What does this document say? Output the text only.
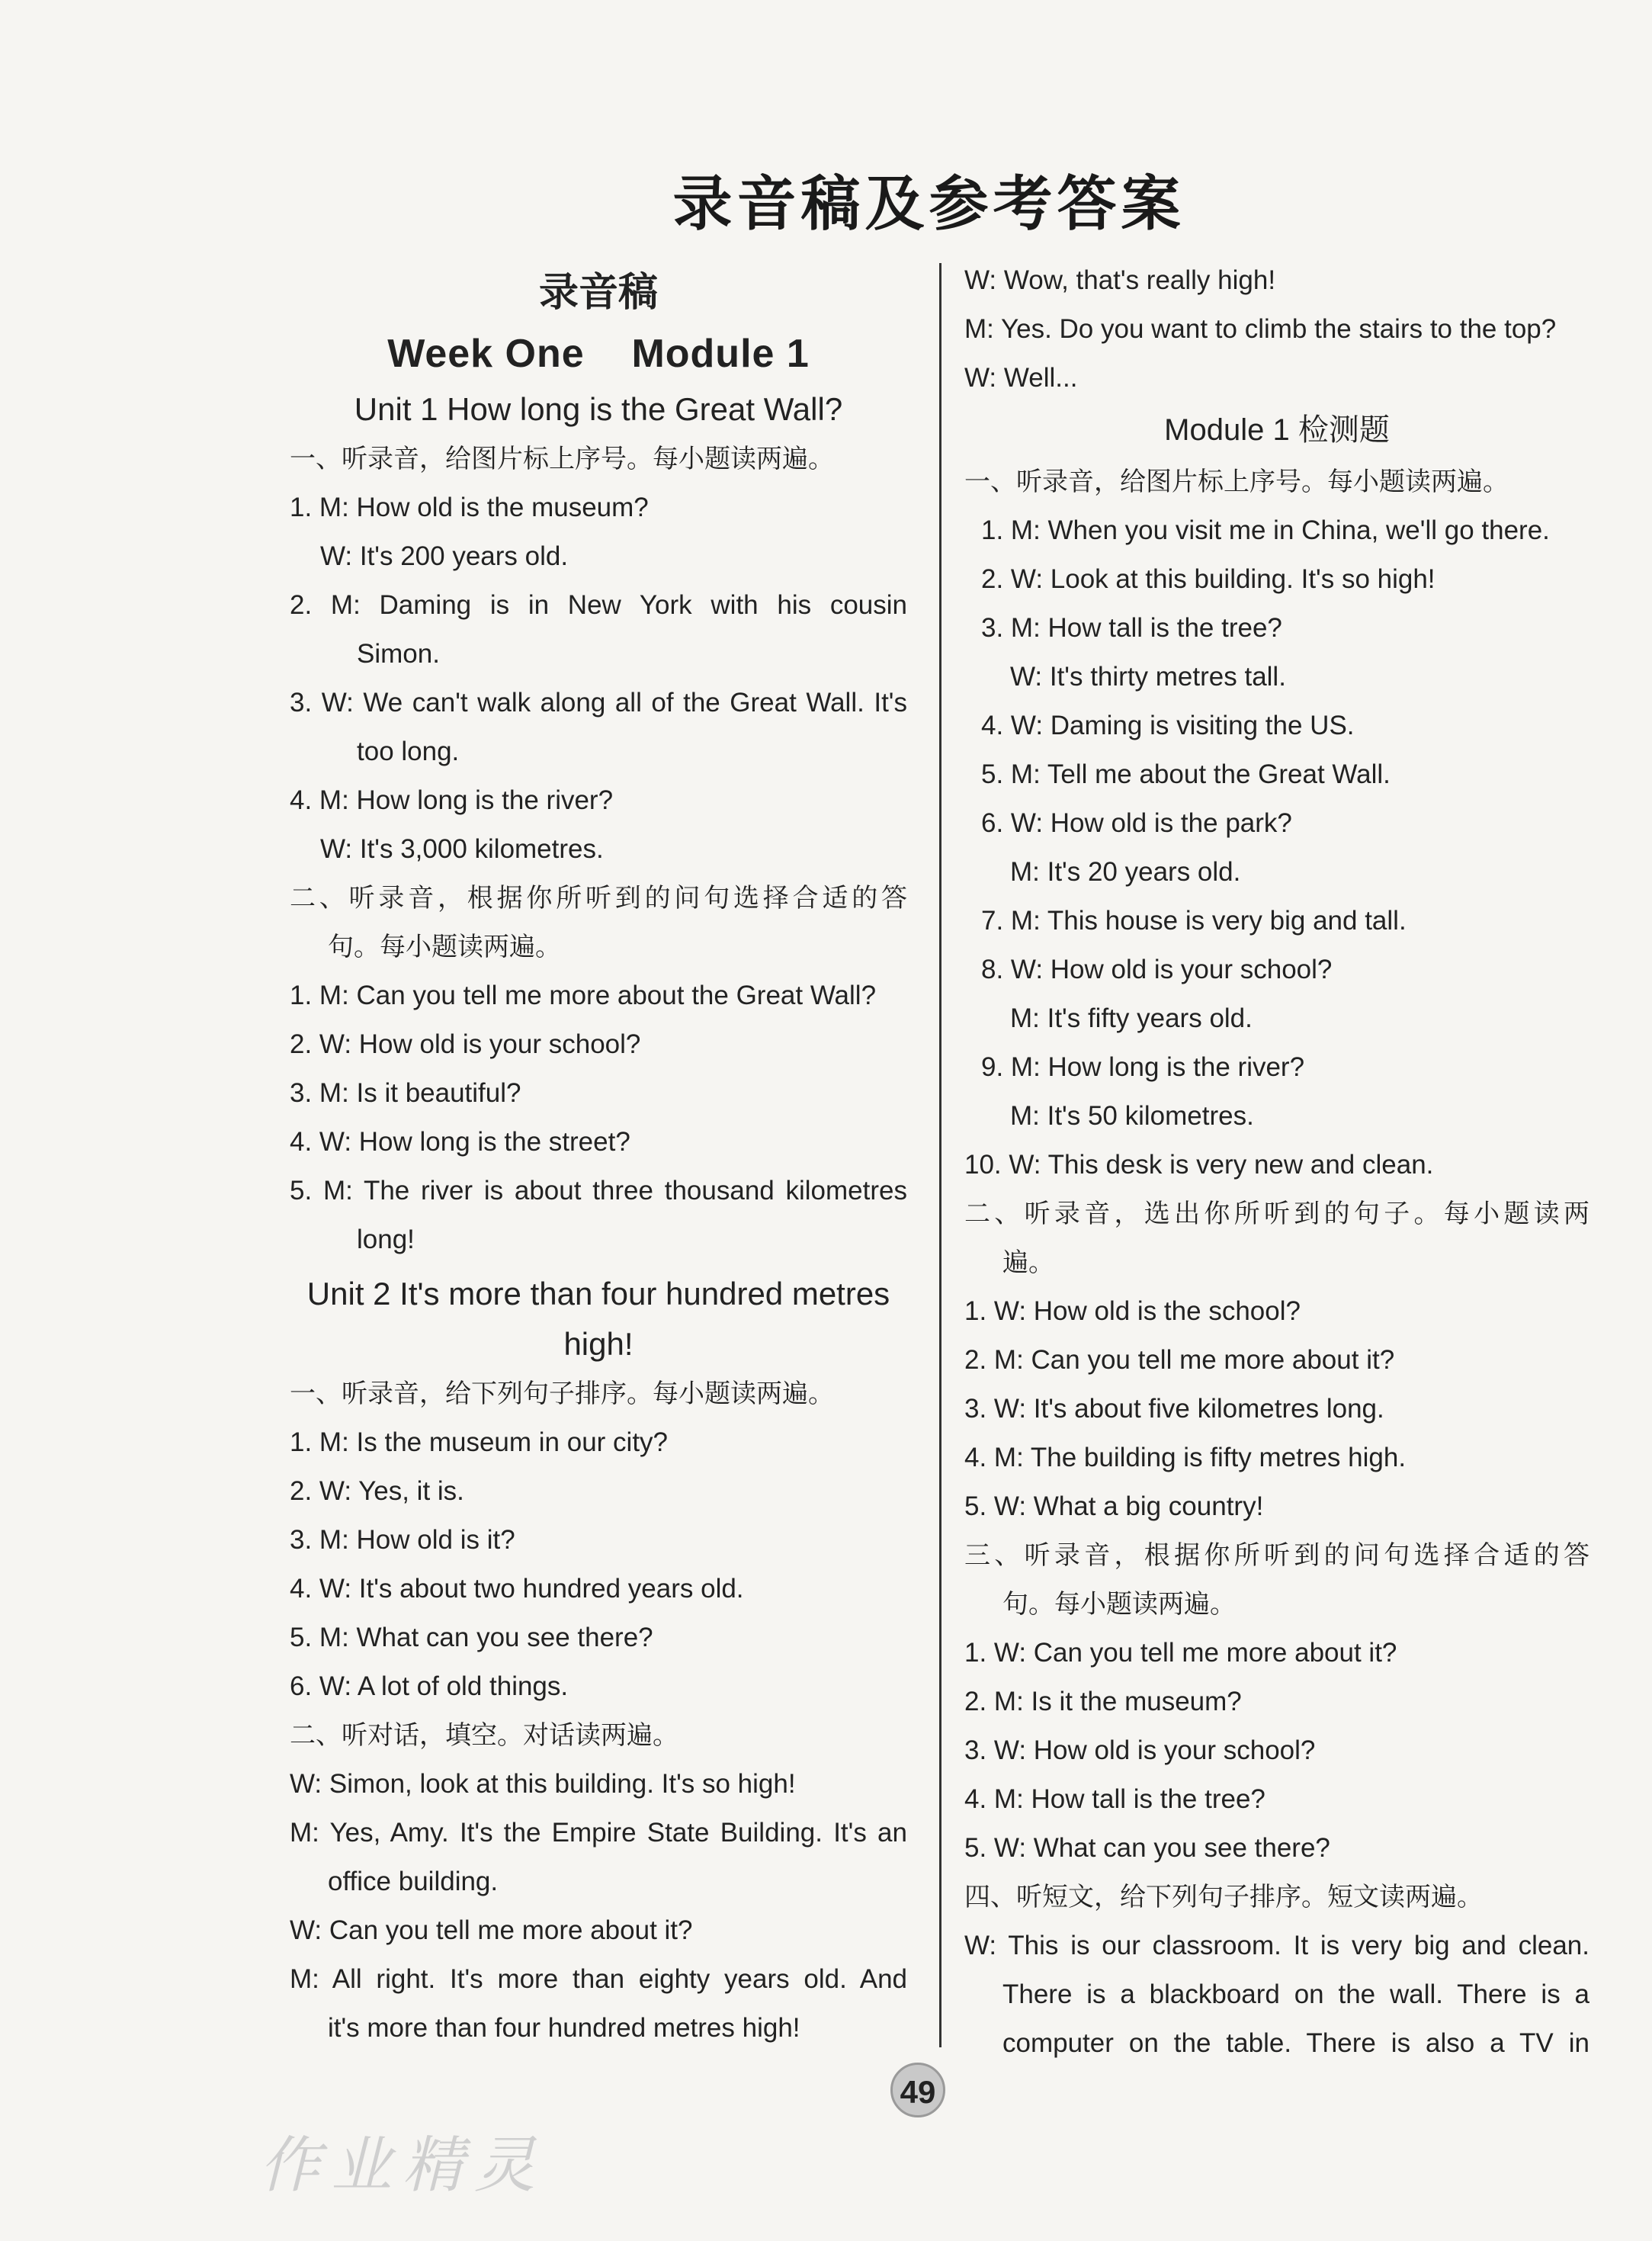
录音稿及参考答案
录音稿
Week One    Module 1
Unit 1 How long is the Great Wall?
一、听录音，给图片标上序号。每小题读两遍。
1. M: How old is the museum?
W: It's 200 years old.
2. M: Daming is in New York with his cousin
Simon.
3. W: We can't walk along all of the Great Wall. It's
too long.
4. M: How long is the river?
W: It's 3,000 kilometres.
二、听录音，根据你所听到的问句选择合适的答
句。每小题读两遍。
1. M: Can you tell me more about the Great Wall?
2. W: How old is your school?
3. M: Is it beautiful?
4. W: How long is the street?
5. M: The river is about three thousand kilometres
long!
Unit 2 It's more than four hundred metres
high!
一、听录音，给下列句子排序。每小题读两遍。
1. M: Is the museum in our city?
2. W: Yes, it is.
3. M: How old is it?
4. W: It's about two hundred years old.
5. M: What can you see there?
6. W: A lot of old things.
二、听对话，填空。对话读两遍。
W: Simon, look at this building. It's so high!
M: Yes, Amy. It's the Empire State Building. It's an
office building.
W: Can you tell me more about it?
M: All right. It's more than eighty years old. And
it's more than four hundred metres high!
W: Wow, that's really high!
M: Yes. Do you want to climb the stairs to the top?
W: Well...
Module 1 检测题
一、听录音，给图片标上序号。每小题读两遍。
1. M: When you visit me in China, we'll go there.
2. W: Look at this building. It's so high!
3. M: How tall is the tree?
W: It's thirty metres tall.
4. W: Daming is visiting the US.
5. M: Tell me about the Great Wall.
6. W: How old is the park?
M: It's 20 years old.
7. M: This house is very big and tall.
8. W: How old is your school?
M: It's fifty years old.
9. M: How long is the river?
M: It's 50 kilometres.
10. W: This desk is very new and clean.
二、听录音，选出你所听到的句子。每小题读两
遍。
1. W: How old is the school?
2. M: Can you tell me more about it?
3. W: It's about five kilometres long.
4. M: The building is fifty metres high.
5. W: What a big country!
三、听录音，根据你所听到的问句选择合适的答
句。每小题读两遍。
1. W: Can you tell me more about it?
2. M: Is it the museum?
3. W: How old is your school?
4. M: How tall is the tree?
5. W: What can you see there?
四、听短文，给下列句子排序。短文读两遍。
W: This is our classroom. It is very big and clean.
There is a blackboard on the wall. There is a
computer on the table. There is also a TV in
49
作业精灵
